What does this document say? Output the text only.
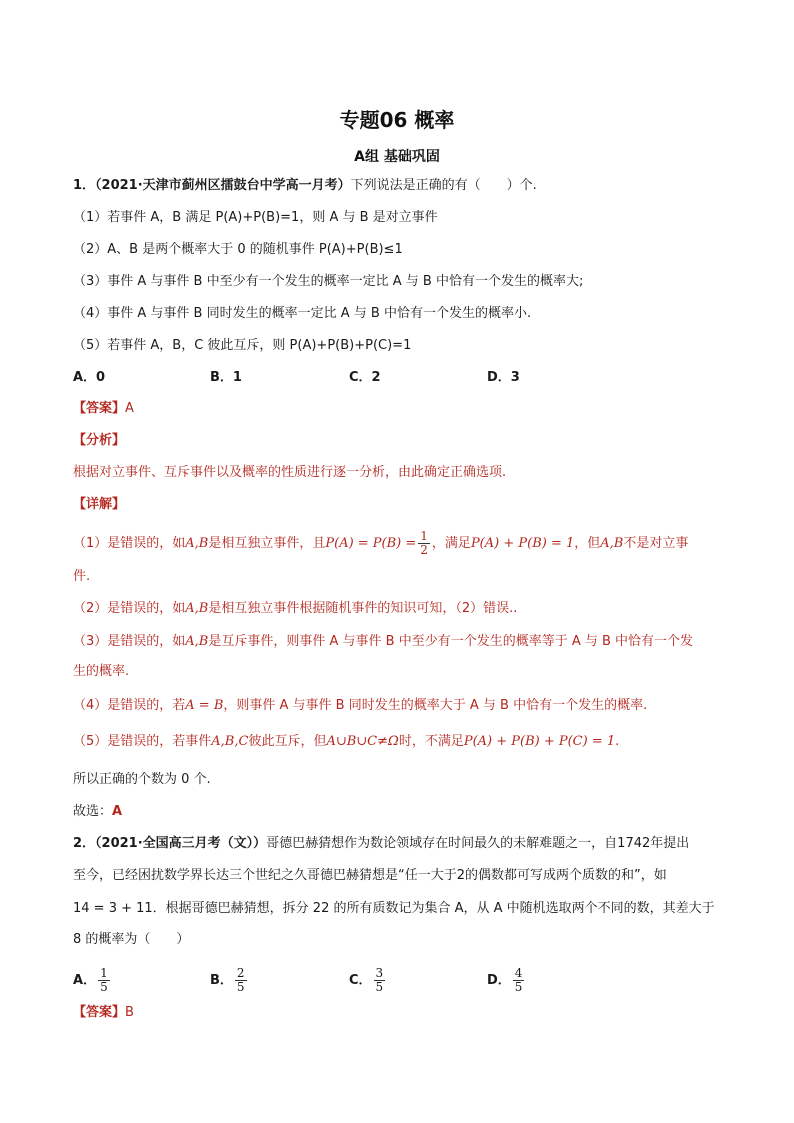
专题06 概率
A组 基础巩固
1．（2021·天津市蓟州区擂鼓台中学高一月考）下列说法是正确的有（　　）个.
（1）若事件 A，B 满足 P(A)+P(B)=1，则 A 与 B 是对立事件
（2）A、B 是两个概率大于 0 的随机事件 P(A)+P(B)≤1
（3）事件 A 与事件 B 中至少有一个发生的概率一定比 A 与 B 中恰有一个发生的概率大;
（4）事件 A 与事件 B 同时发生的概率一定比 A 与 B 中恰有一个发生的概率小.
（5）若事件 A，B，C 彼此互斥，则 P(A)+P(B)+P(C)=1
A．0	B．1	C．2	D．3
【答案】A
【分析】
根据对立事件、互斥事件以及概率的性质进行逐一分析，由此确定正确选项.
【详解】
（1）是错误的，如A,B是相互独立事件，且$P(A) = P(B) = \frac{1}{2}$ ，满足P(A) + P(B) = 1，但A,B不是对立事
件.
（2）是错误的，如A,B是相互独立事件根据随机事件的知识可知，（2）错误..
（3）是错误的，如A,B是互斥事件，则事件 A 与事件 B 中至少有一个发生的概率等于 A 与 B 中恰有一个发
生的概率.
（4）是错误的，若A = B，则事件 A 与事件 B 同时发生的概率大于 A 与 B 中恰有一个发生的概率.
（5）是错误的，若事件A,B,C彼此互斥，但A∪B∪C≠Ω时，不满足P(A) + P(B) + P(C) = 1.
所以正确的个数为 0 个.
故选：A
2．（2021·全国高三月考（文））哥德巴赫猜想作为数论领域存在时间最久的未解难题之一，自1742年提出
至今，已经困扰数学界长达三个世纪之久哥德巴赫猜想是“任一大于2的偶数都可写成两个质数的和”，如
14 = 3 + 11．根据哥德巴赫猜想，拆分 22 的所有质数记为集合 A，从 A 中随机选取两个不同的数，其差大于
8 的概率为（　　）
A． $\frac{1}{5}$	B． $\frac{2}{5}$	C． $\frac{3}{5}$	D． $\frac{4}{5}$
【答案】B
